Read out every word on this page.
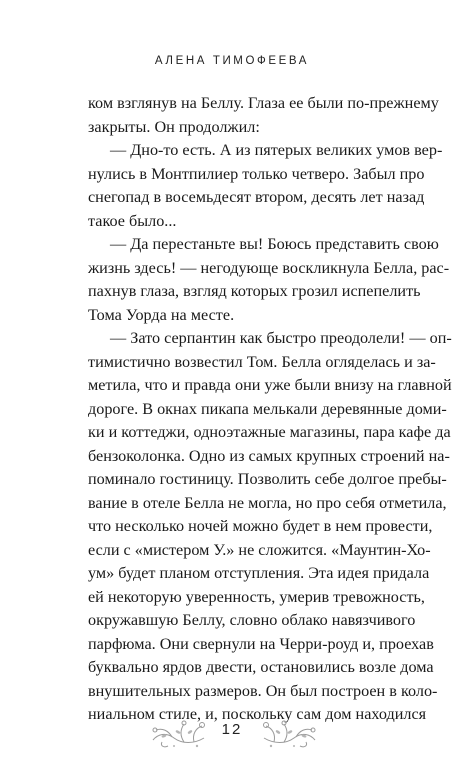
АЛЕНА ТИМОФЕЕВА
ком взглянув на Беллу. Глаза ее были по-прежнему
закрыты. Он продолжил:
— Дно-то есть. А из пятерых великих умов вер-
нулись в Монтпилиер только четверо. Забыл про
снегопад в восемьдесят втором, десять лет назад
такое было...
— Да перестаньте вы! Боюсь представить свою
жизнь здесь! — негодующе воскликнула Белла, рас-
пахнув глаза, взгляд которых грозил испепелить
Тома Уорда на месте.
— Зато серпантин как быстро преодолели! — оп-
тимистично возвестил Том. Белла огляделась и за-
метила, что и правда они уже были внизу на главной
дороге. В окнах пикапа мелькали деревянные доми-
ки и коттеджи, одноэтажные магазины, пара кафе да
бензоколонка. Одно из самых крупных строений на-
поминало гостиницу. Позволить себе долгое пребы-
вание в отеле Белла не могла, но про себя отметила,
что несколько ночей можно будет в нем провести,
если с «мистером У.» не сложится. «Маунтин-Хо-
ум» будет планом отступления. Эта идея придала
ей некоторую уверенность, умерив тревожность,
окружавшую Беллу, словно облако навязчивого
парфюма. Они свернули на Черри-роуд и, проехав
буквально ярдов двести, остановились возле дома
внушительных размеров. Он был построен в коло-
ниальном стиле, и, поскольку сам дом находился
12
